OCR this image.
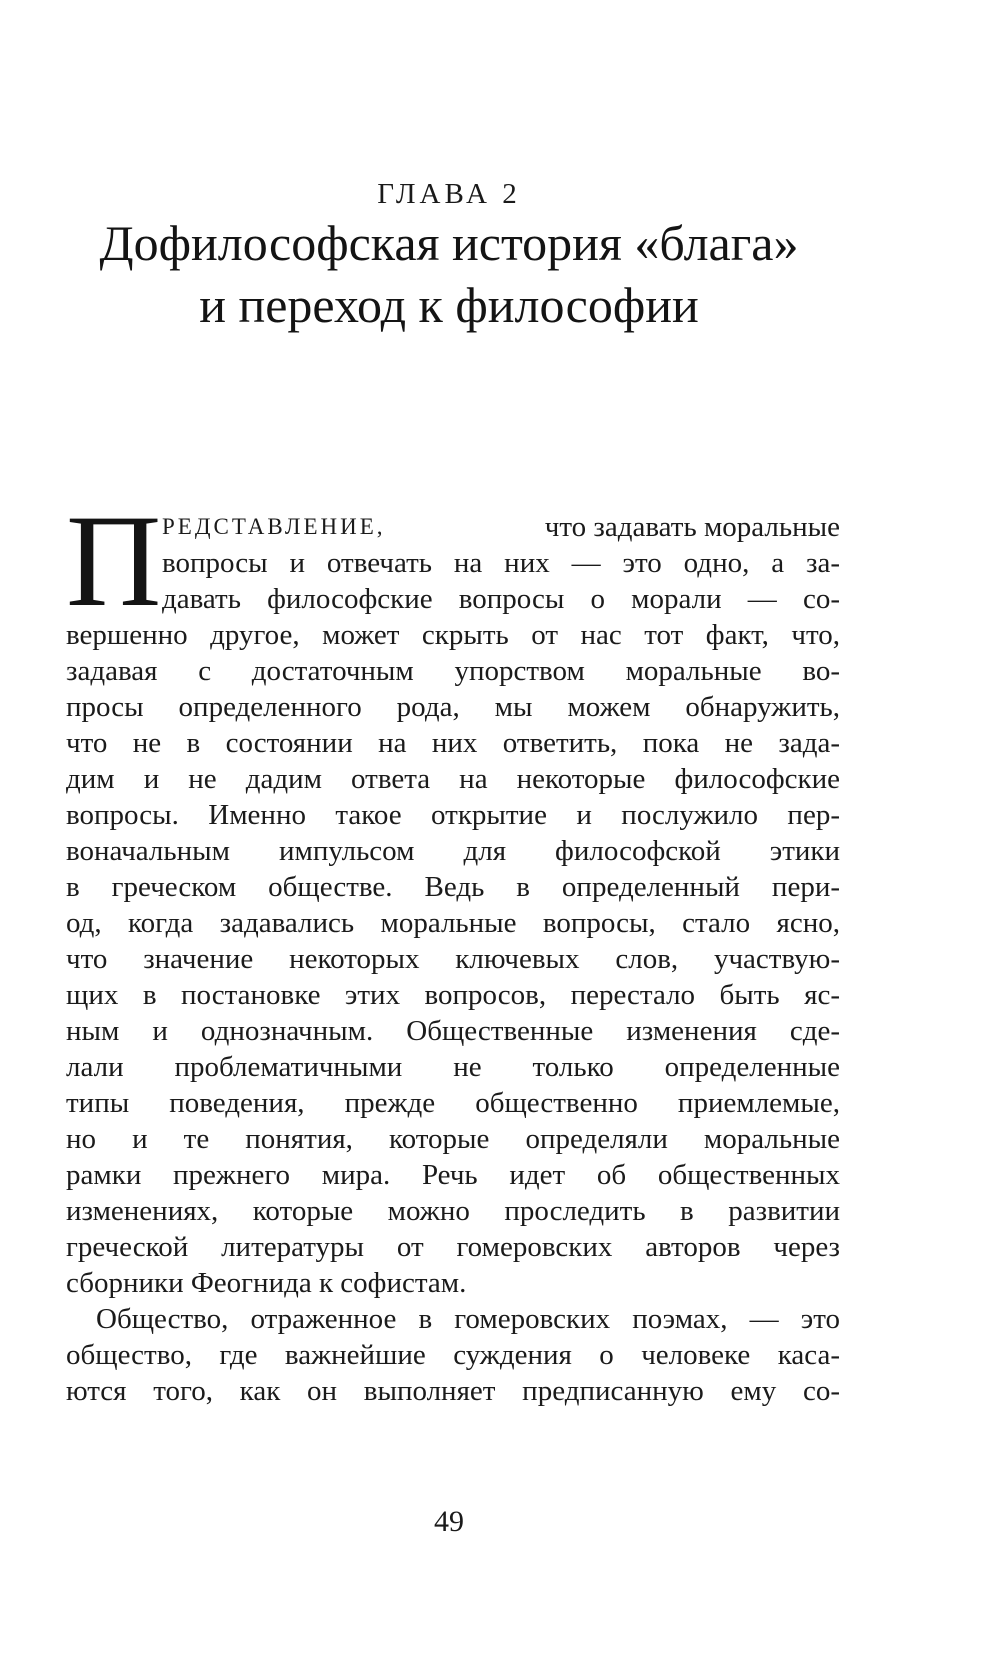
ГЛАВА 2
Дофилософская история «блага»
и переход к философии
П РЕДСТАВЛЕНИЕ,	что задавать моральные
вопросы и отвечать на них — это одно, а за-
давать философские вопросы о морали — со-
вершенно другое, может скрыть от нас тот факт, что,
задавая с достаточным упорством моральные во-
просы определенного рода, мы можем обнаружить,
что не в состоянии на них ответить, пока не зада-
дим и не дадим ответа на некоторые философские
вопросы. Именно такое открытие и послужило пер-
воначальным импульсом для философской этики
в греческом обществе. Ведь в определенный пери-
од, когда задавались моральные вопросы, стало ясно,
что значение некоторых ключевых слов, участвую-
щих в постановке этих вопросов, перестало быть яс-
ным и однозначным. Общественные изменения сде-
лали проблематичными не только определенные
типы поведения, прежде общественно приемлемые,
но и те понятия, которые определяли моральные
рамки прежнего мира. Речь идет об общественных
изменениях, которые можно проследить в развитии
греческой литературы от гомеровских авторов через
сборники Феогнида к софистам.
Общество, отраженное в гомеровских поэмах, — это
общество, где важнейшие суждения о человеке каса-
ются того, как он выполняет предписанную ему со-
49
